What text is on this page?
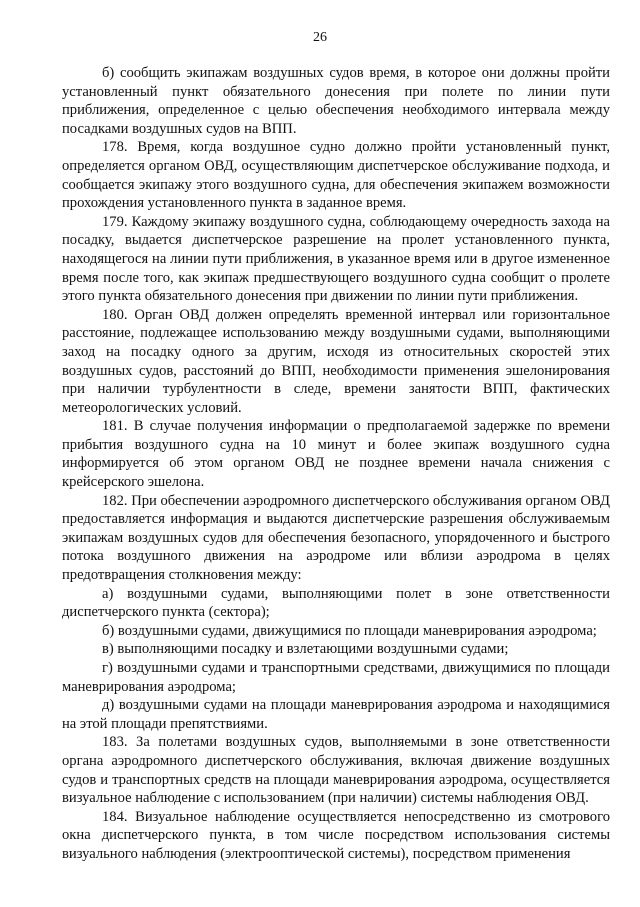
26

б) сообщить экипажам воздушных судов время, в которое они должны пройти установленный пункт обязательного донесения при полете по линии пути приближения, определенное с целью обеспечения необходимого интервала между посадками воздушных судов на ВПП.

178. Время, когда воздушное судно должно пройти установленный пункт, определяется органом ОВД, осуществляющим диспетчерское обслуживание подхода, и сообщается экипажу этого воздушного судна, для обеспечения экипажем возможности прохождения установленного пункта в заданное время.

179. Каждому экипажу воздушного судна, соблюдающему очередность захода на посадку, выдается диспетчерское разрешение на пролет установленного пункта, находящегося на линии пути приближения, в указанное время или в другое измененное время после того, как экипаж предшествующего воздушного судна сообщит о пролете этого пункта обязательного донесения при движении по линии пути приближения.

180. Орган ОВД должен определять временной интервал или горизонтальное расстояние, подлежащее использованию между воздушными судами, выполняющими заход на посадку одного за другим, исходя из относительных скоростей этих воздушных судов, расстояний до ВПП, необходимости применения эшелонирования при наличии турбулентности в следе, времени занятости ВПП, фактических метеорологических условий.

181. В случае получения информации о предполагаемой задержке по времени прибытия воздушного судна на 10 минут и более экипаж воздушного судна информируется об этом органом ОВД не позднее времени начала снижения с крейсерского эшелона.

182. При обеспечении аэродромного диспетчерского обслуживания органом ОВД предоставляется информация и выдаются диспетчерские разрешения обслуживаемым экипажам воздушных судов для обеспечения безопасного, упорядоченного и быстрого потока воздушного движения на аэродроме или вблизи аэродрома в целях предотвращения столкновения между:

а) воздушными судами, выполняющими полет в зоне ответственности диспетчерского пункта (сектора);

б) воздушными судами, движущимися по площади маневрирования аэродрома;

в) выполняющими посадку и взлетающими воздушными судами;

г) воздушными судами и транспортными средствами, движущимися по площади маневрирования аэродрома;

д) воздушными судами на площади маневрирования аэродрома и находящимися на этой площади препятствиями.

183. За полетами воздушных судов, выполняемыми в зоне ответственности органа аэродромного диспетчерского обслуживания, включая движение воздушных судов и транспортных средств на площади маневрирования аэродрома, осуществляется визуальное наблюдение с использованием (при наличии) системы наблюдения ОВД.

184. Визуальное наблюдение осуществляется непосредственно из смотрового окна диспетчерского пункта, в том числе посредством использования системы визуального наблюдения (электрооптической системы), посредством применения
